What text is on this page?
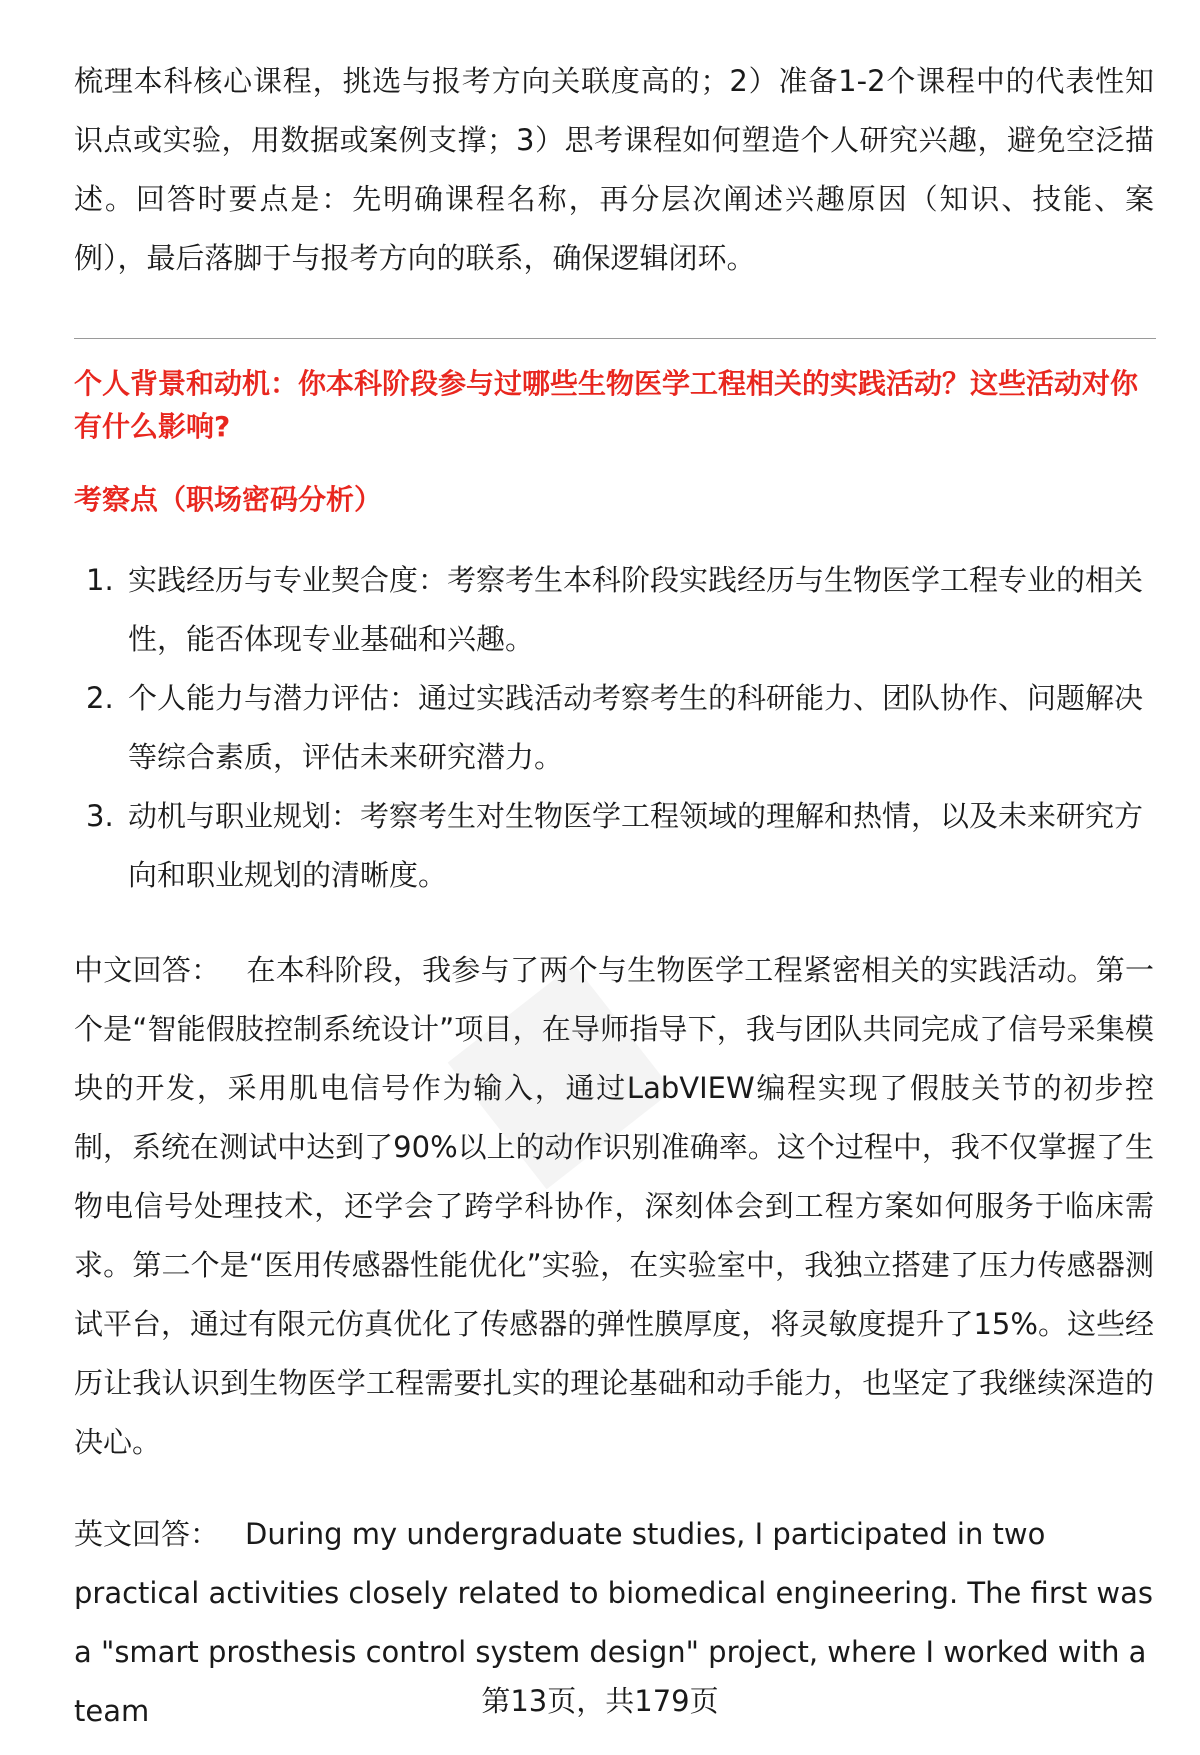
梳理本科核心课程，挑选与报考方向关联度高的；2）准备1-2个课程中的代表性知识点或实验，用数据或案例支撑；3）思考课程如何塑造个人研究兴趣，避免空泛描述。回答时要点是：先明确课程名称，再分层次阐述兴趣原因（知识、技能、案例），最后落脚于与报考方向的联系，确保逻辑闭环。

个人背景和动机：你本科阶段参与过哪些生物医学工程相关的实践活动？这些活动对你有什么影响?

考察点（职场密码分析）

1. 实践经历与专业契合度：考察考生本科阶段实践经历与生物医学工程专业的相关性，能否体现专业基础和兴趣。
2. 个人能力与潜力评估：通过实践活动考察考生的科研能力、团队协作、问题解决等综合素质，评估未来研究潜力。
3. 动机与职业规划：考察考生对生物医学工程领域的理解和热情，以及未来研究方向和职业规划的清晰度。

中文回答： 在本科阶段，我参与了两个与生物医学工程紧密相关的实践活动。第一个是“智能假肢控制系统设计”项目，在导师指导下，我与团队共同完成了信号采集模块的开发，采用肌电信号作为输入，通过LabVIEW编程实现了假肢关节的初步控制，系统在测试中达到了90%以上的动作识别准确率。这个过程中，我不仅掌握了生物电信号处理技术，还学会了跨学科协作，深刻体会到工程方案如何服务于临床需求。第二个是“医用传感器性能优化”实验，在实验室中，我独立搭建了压力传感器测试平台，通过有限元仿真优化了传感器的弹性膜厚度，将灵敏度提升了15%。这些经历让我认识到生物医学工程需要扎实的理论基础和动手能力，也坚定了我继续深造的决心。

英文回答： During my undergraduate studies, I participated in two practical activities closely related to biomedical engineering. The first was a "smart prosthesis control system design" project, where I worked with a team	第13页，共179页
